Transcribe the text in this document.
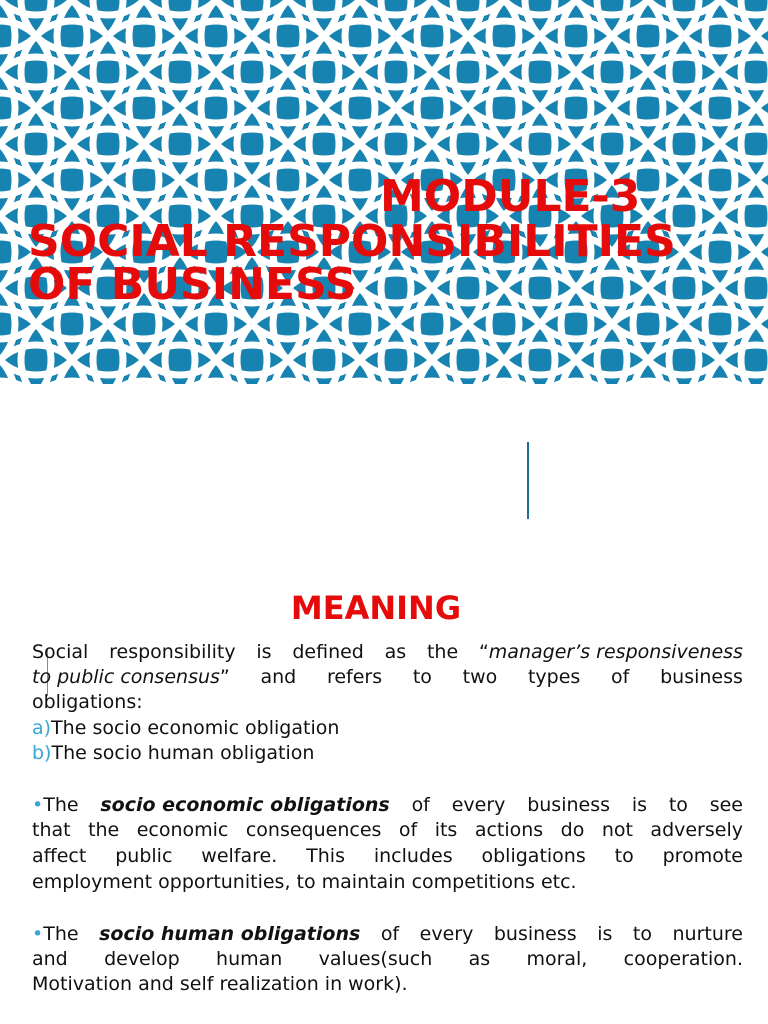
MODULE-3
SOCIAL RESPONSIBILITIES
OF BUSINESS
MEANING
Social responsibility is defined as the “manager’s responsiveness
to public consensus” and refers to two types of business
obligations:
a)The socio economic obligation
b)The socio human obligation
•The socio economic obligations of every business is to see
that the economic consequences of its actions do not adversely
affect public welfare. This includes obligations to promote
employment opportunities, to maintain competitions etc.
•The socio human obligations of every business is to nurture
and develop human values(such as moral, cooperation.
Motivation and self realization in work).
